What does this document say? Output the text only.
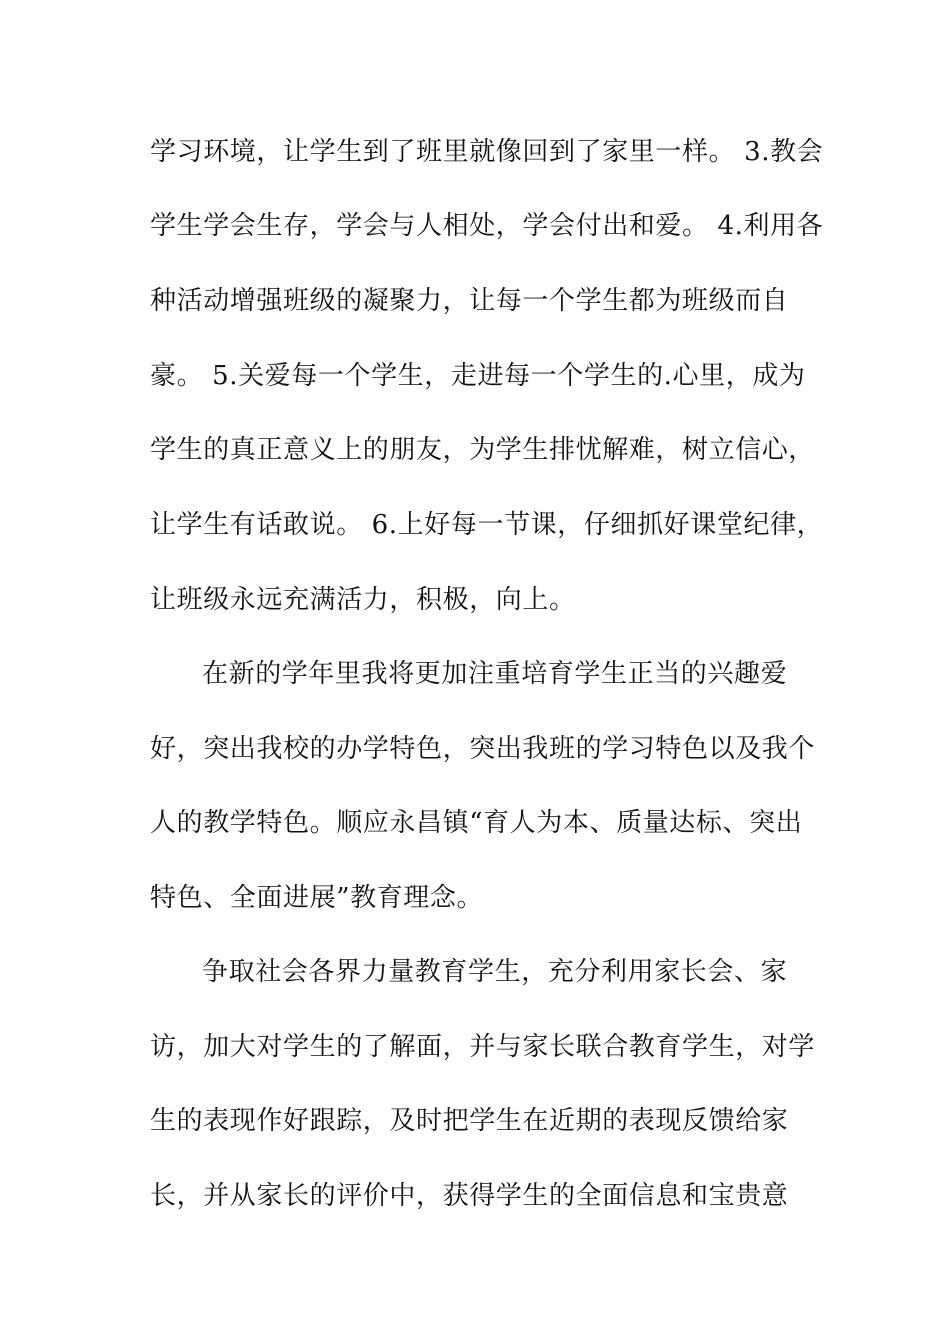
学习环境，让学生到了班里就像回到了家里一样。 3.教会
学生学会生存，学会与人相处，学会付出和爱。 4.利用各
种活动增强班级的凝聚力，让每一个学生都为班级而自
豪。 5.关爱每一个学生，走进每一个学生的.心里，成为
学生的真正意义上的朋友，为学生排忧解难，树立信心，
让学生有话敢说。 6.上好每一节课，仔细抓好课堂纪律，
让班级永远充满活力，积极，向上。
在新的学年里我将更加注重培育学生正当的兴趣爱
好，突出我校的办学特色，突出我班的学习特色以及我个
人的教学特色。顺应永昌镇“育人为本、质量达标、突出
特色、全面进展”教育理念。
争取社会各界力量教育学生，充分利用家长会、家
访，加大对学生的了解面，并与家长联合教育学生，对学
生的表现作好跟踪，及时把学生在近期的表现反馈给家
长，并从家长的评价中，获得学生的全面信息和宝贵意
